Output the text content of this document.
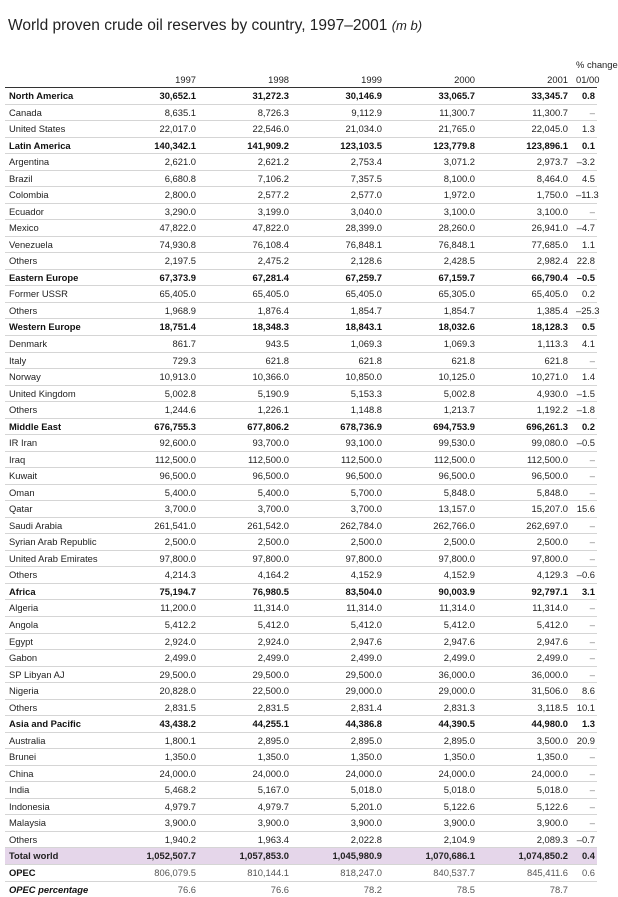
World proven crude oil reserves by country, 1997–2001 (m b)
						% change
	1997	1998	1999	2000	2001	01/00
North America	30,652.1	31,272.3	30,146.9	33,065.7	33,345.7	0.8
Canada	8,635.1	8,726.3	9,112.9	11,300.7	11,300.7	–
United States	22,017.0	22,546.0	21,034.0	21,765.0	22,045.0	1.3
Latin America	140,342.1	141,909.2	123,103.5	123,779.8	123,896.1	0.1
Argentina	2,621.0	2,621.2	2,753.4	3,071.2	2,973.7	–3.2
Brazil	6,680.8	7,106.2	7,357.5	8,100.0	8,464.0	4.5
Colombia	2,800.0	2,577.2	2,577.0	1,972.0	1,750.0	–11.3
Ecuador	3,290.0	3,199.0	3,040.0	3,100.0	3,100.0	–
Mexico	47,822.0	47,822.0	28,399.0	28,260.0	26,941.0	–4.7
Venezuela	74,930.8	76,108.4	76,848.1	76,848.1	77,685.0	1.1
Others	2,197.5	2,475.2	2,128.6	2,428.5	2,982.4	22.8
Eastern Europe	67,373.9	67,281.4	67,259.7	67,159.7	66,790.4	–0.5
Former USSR	65,405.0	65,405.0	65,405.0	65,305.0	65,405.0	0.2
Others	1,968.9	1,876.4	1,854.7	1,854.7	1,385.4	–25.3
Western Europe	18,751.4	18,348.3	18,843.1	18,032.6	18,128.3	0.5
Denmark	861.7	943.5	1,069.3	1,069.3	1,113.3	4.1
Italy	729.3	621.8	621.8	621.8	621.8	–
Norway	10,913.0	10,366.0	10,850.0	10,125.0	10,271.0	1.4
United Kingdom	5,002.8	5,190.9	5,153.3	5,002.8	4,930.0	–1.5
Others	1,244.6	1,226.1	1,148.8	1,213.7	1,192.2	–1.8
Middle East	676,755.3	677,806.2	678,736.9	694,753.9	696,261.3	0.2
IR Iran	92,600.0	93,700.0	93,100.0	99,530.0	99,080.0	–0.5
Iraq	112,500.0	112,500.0	112,500.0	112,500.0	112,500.0	–
Kuwait	96,500.0	96,500.0	96,500.0	96,500.0	96,500.0	–
Oman	5,400.0	5,400.0	5,700.0	5,848.0	5,848.0	–
Qatar	3,700.0	3,700.0	3,700.0	13,157.0	15,207.0	15.6
Saudi Arabia	261,541.0	261,542.0	262,784.0	262,766.0	262,697.0	–
Syrian Arab Republic	2,500.0	2,500.0	2,500.0	2,500.0	2,500.0	–
United Arab Emirates	97,800.0	97,800.0	97,800.0	97,800.0	97,800.0	–
Others	4,214.3	4,164.2	4,152.9	4,152.9	4,129.3	–0.6
Africa	75,194.7	76,980.5	83,504.0	90,003.9	92,797.1	3.1
Algeria	11,200.0	11,314.0	11,314.0	11,314.0	11,314.0	–
Angola	5,412.2	5,412.0	5,412.0	5,412.0	5,412.0	–
Egypt	2,924.0	2,924.0	2,947.6	2,947.6	2,947.6	–
Gabon	2,499.0	2,499.0	2,499.0	2,499.0	2,499.0	–
SP Libyan AJ	29,500.0	29,500.0	29,500.0	36,000.0	36,000.0	–
Nigeria	20,828.0	22,500.0	29,000.0	29,000.0	31,506.0	8.6
Others	2,831.5	2,831.5	2,831.4	2,831.3	3,118.5	10.1
Asia and Pacific	43,438.2	44,255.1	44,386.8	44,390.5	44,980.0	1.3
Australia	1,800.1	2,895.0	2,895.0	2,895.0	3,500.0	20.9
Brunei	1,350.0	1,350.0	1,350.0	1,350.0	1,350.0	–
China	24,000.0	24,000.0	24,000.0	24,000.0	24,000.0	–
India	5,468.2	5,167.0	5,018.0	5,018.0	5,018.0	–
Indonesia	4,979.7	4,979.7	5,201.0	5,122.6	5,122.6	–
Malaysia	3,900.0	3,900.0	3,900.0	3,900.0	3,900.0	–
Others	1,940.2	1,963.4	2,022.8	2,104.9	2,089.3	–0.7
Total world	1,052,507.7	1,057,853.0	1,045,980.9	1,070,686.1	1,074,850.2	0.4
OPEC	806,079.5	810,144.1	818,247.0	840,537.7	845,411.6	0.6
OPEC percentage	76.6	76.6	78.2	78.5	78.7	
